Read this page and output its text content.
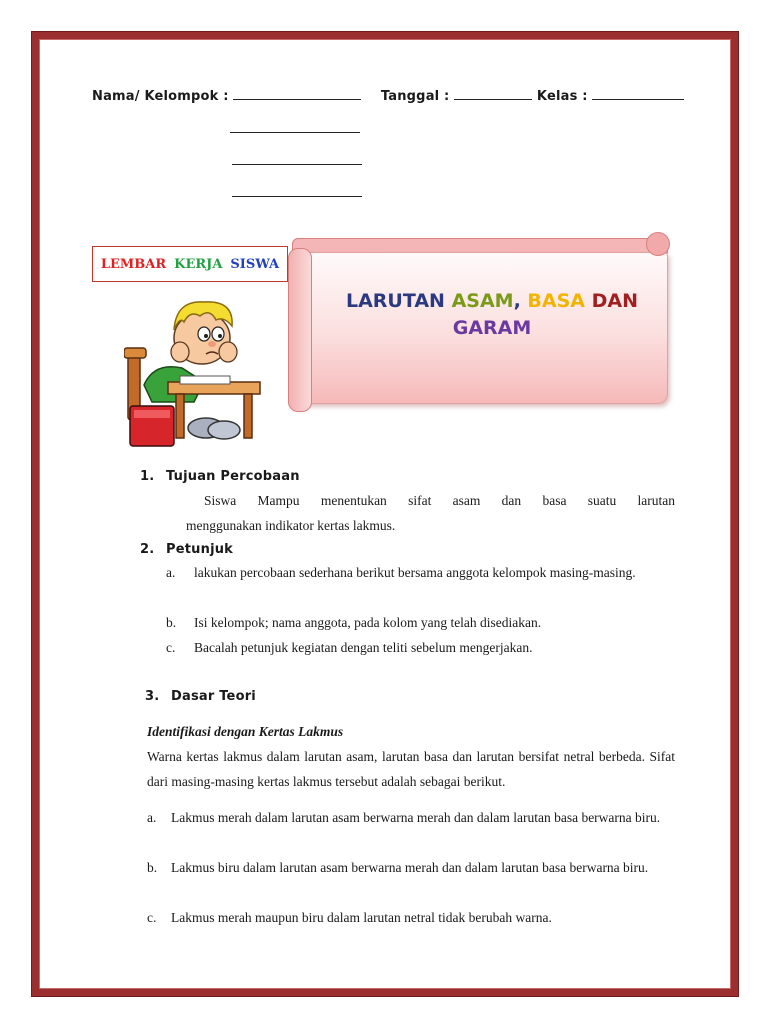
Nama/ Kelompok :	Tanggal :	Kelas :
LEMBAR KERJA SISWA
LARUTAN ASAM, BASA DAN
GARAM
1. Tujuan Percobaan
Siswa Mampu menentukan sifat asam dan basa suatu larutan
menggunakan indikator kertas lakmus.
2. Petunjuk
a. lakukan percobaan sederhana berikut bersama anggota kelompok masing-masing.
b. Isi kelompok; nama anggota, pada kolom yang telah disediakan.
c. Bacalah petunjuk kegiatan dengan teliti sebelum mengerjakan.
3. Dasar Teori
Identifikasi dengan Kertas Lakmus
Warna kertas lakmus dalam larutan asam, larutan basa dan larutan bersifat netral berbeda. Sifat dari masing-masing kertas lakmus tersebut adalah sebagai berikut.
a. Lakmus merah dalam larutan asam berwarna merah dan dalam larutan basa berwarna biru.
b. Lakmus biru dalam larutan asam berwarna merah dan dalam larutan basa berwarna biru.
c. Lakmus merah maupun biru dalam larutan netral tidak berubah warna.
